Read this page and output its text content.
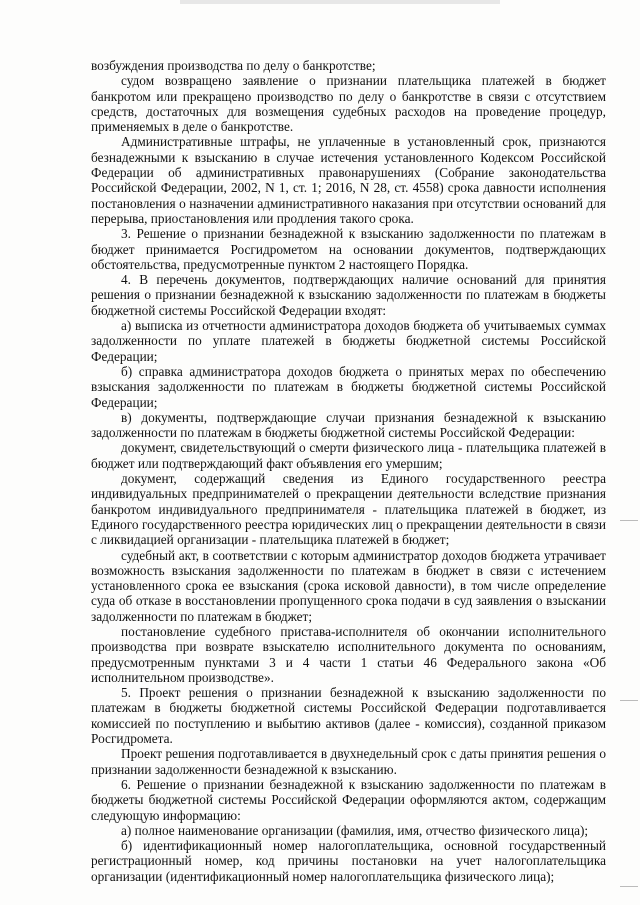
возбуждения производства по делу о банкротстве;

судом возвращено заявление о признании плательщика платежей в бюджет банкротом или прекращено производство по делу о банкротстве в связи с отсутствием средств, достаточных для возмещения судебных расходов на проведение процедур, применяемых в деле о банкротстве.

Административные штрафы, не уплаченные в установленный срок, признаются безнадежными к взысканию в случае истечения установленного Кодексом Российской Федерации об административных правонарушениях (Собрание законодательства Российской Федерации, 2002, N 1, ст. 1; 2016, N 28, ст. 4558) срока давности исполнения постановления о назначении административного наказания при отсутствии оснований для перерыва, приостановления или продления такого срока.

3. Решение о признании безнадежной к взысканию задолженности по платежам в бюджет принимается Росгидрометом на основании документов, подтверждающих обстоятельства, предусмотренные пунктом 2 настоящего Порядка.

4. В перечень документов, подтверждающих наличие оснований для принятия решения о признании безнадежной к взысканию задолженности по платежам в бюджеты бюджетной системы Российской Федерации входят:

а) выписка из отчетности администратора доходов бюджета об учитываемых суммах задолженности по уплате платежей в бюджеты бюджетной системы Российской Федерации;

б) справка администратора доходов бюджета о принятых мерах по обеспечению взыскания задолженности по платежам в бюджеты бюджетной системы Российской Федерации;

в) документы, подтверждающие случаи признания безнадежной к взысканию задолженности по платежам в бюджеты бюджетной системы Российской Федерации:

документ, свидетельствующий о смерти физического лица - плательщика платежей в бюджет или подтверждающий факт объявления его умершим;

документ, содержащий сведения из Единого государственного реестра индивидуальных предпринимателей о прекращении деятельности вследствие признания банкротом индивидуального предпринимателя - плательщика платежей в бюджет, из Единого государственного реестра юридических лиц о прекращении деятельности в связи с ликвидацией организации - плательщика платежей в бюджет;

судебный акт, в соответствии с которым администратор доходов бюджета утрачивает возможность взыскания задолженности по платежам в бюджет в связи с истечением установленного срока ее взыскания (срока исковой давности), в том числе определение суда об отказе в восстановлении пропущенного срока подачи в суд заявления о взыскании задолженности по платежам в бюджет;

постановление судебного пристава-исполнителя об окончании исполнительного производства при возврате взыскателю исполнительного документа по основаниям, предусмотренным пунктами 3 и 4 части 1 статьи 46 Федерального закона «Об исполнительном производстве».

5. Проект решения о признании безнадежной к взысканию задолженности по платежам в бюджеты бюджетной системы Российской Федерации подготавливается комиссией по поступлению и выбытию активов (далее - комиссия), созданной приказом Росгидромета.

Проект решения подготавливается в двухнедельный срок с даты принятия решения о признании задолженности безнадежной к взысканию.

6. Решение о признании безнадежной к взысканию задолженности по платежам в бюджеты бюджетной системы Российской Федерации оформляются актом, содержащим следующую информацию:

а) полное наименование организации (фамилия, имя, отчество физического лица);

б) идентификационный номер налогоплательщика, основной государственный регистрационный номер, код причины постановки на учет налогоплательщика организации (идентификационный номер налогоплательщика физического лица);
